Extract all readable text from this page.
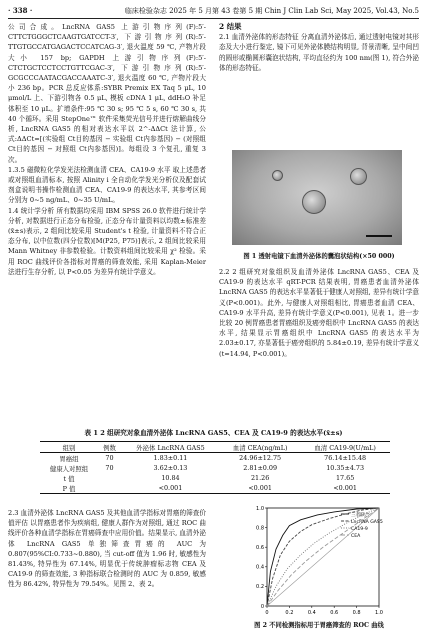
· 338 ·	临床检验杂志 2025 年 5 月第 43 卷第 5 期 Chin J Clin Lab Sci, May 2025, Vol.43, No.5

公司合成。LncRNA GAS5 上游引物序列(F):5′-CTTCTGGGCTCAAGTGATCCT-3′, 下游引物序列(R):5′-TTGTGCCATGAGACTCCATCAG-3′, 退火温度 59 ℃, 产物片段大小 157 bp; GAPDH 上游引物序列(F):5′-CTCTGCTCCTCCTGTTCGAC-3′, 下游引物序列(R):5′-GCGCCCAATACGACCAAATC-3′, 退火温度 60 ℃, 产物片段大小 236 bp。PCR 总反应体系:SYBR Premix EX Taq 5 μL, 10 μmol/L 上、下游引物各 0.5 μL, 模板 cDNA 1 μL, ddH₂O 补足体积至 10 μL。扩增条件:95 ℃ 30 s; 95 ℃ 5 s, 60 ℃ 30 s, 共 40 个循环。采用 StepOne™ 软件采集荧光信号并进行熔解曲线分析, LncRNA GAS5 的相对表达水平以 2^-ΔΔCt 法计算, 公式:ΔΔCt=[(实验组 Ct目的基因 − 实验组 Ct内参基因) − (对照组 Ct目的基因 − 对照组 Ct内参基因)]。每组设 3 个复孔, 重复 3 次。

1.3.5 磁微粒化学发光法检测血清 CEA、CA19-9 水平 取上述患者或对照组血清标本, 按照 Alinity i 全自动化学发光分析仪及配套试剂盒说明书操作检测血清 CEA、CA19-9 的表达水平, 其参考区间分别为 0~5 ng/mL、0~35 U/mL。

1.4 统计学分析 所有数据均采用 IBM SPSS 26.0 软件进行统计学分析, 对数据进行正态分布检验, 正态分布计量资料以均数±标准差(x̄±s)表示, 2 组间比较采用 Student's t 检验, 计量资料不符合正态分布, 以中位数(四分位数)[M(P25, P75)]表示, 2 组间比较采用 Mann Whitney 非参数检验。计数资料组间比较采用 χ² 检验。采用 ROC 曲线评价各指标对胃癌的筛查效能, 采用 Kaplan-Meier 法进行生存分析, 以 P<0.05 为差异有统计学意义。

2 结果

2.1 血清外泌体的形态特征 分离血清外泌体后, 通过透射电镜对其形态及大小进行鉴定, 镜下可见外泌体膜结构明显, 背景清晰, 呈中间凹的圆形或椭圆形囊泡状结构, 平均直径约为 100 nm(图 1), 符合外泌体的形态特征。

图 1 透射电镜下血清外泌体的囊泡状结构(×50 000)

2.2 2 组研究对象组织及血清外泌体 LncRNA GAS5、CEA 及 CA19-9 的表达水平 qRT-PCR 结果表明, 胃癌患者血清外泌体 LncRNA GAS5 的表达水平显著低于健康人对照组, 差异有统计学意义(P<0.001)。此外, 与健康人对照组相比, 胃癌患者血清 CEA、CA19-9 水平升高, 差异有统计学意义(P<0.001), 见表 1。进一步比较 20 例胃癌患者胃癌组织及癌旁组织中 LncRNA GAS5 的表达水平, 结果显示胃癌组织中 LncRNA GAS5 的表达水平为 2.03±0.17, 亦显著低于癌旁组织的 5.84±0.19, 差异有统计学意义(t=14.94, P<0.001)。

表 1 2 组研究对象血清外泌体 LncRNA GAS5、CEA 及 CA19-9 的表达水平(x̄±s)
组别	例数	外泌体 LncRNA GAS5	血清 CEA(ng/mL)	血清 CA19-9(U/mL)
胃癌组	70	1.83±0.11	24.96±12.75	76.14±15.48
健康人对照组	70	3.62±0.13	2.81±0.09	10.35±4.73
t 值		10.84	21.26	17.65
P 值		<0.001	<0.001	<0.001

2.3 血清外泌体 LncRNA GAS5 及其他血清学指标对胃癌的筛查价值评估 以胃癌患者作为疾病组, 健康人群作为对照组, 通过 ROC 曲线评价各种血清学指标在胃癌筛查中应用价值。结果显示, 血清外泌体 LncRNA GAS5 单独筛查胃癌的 AUC 为 0.807(95%CI:0.733~0.880), 当 cut-off 值为 1.96 时, 敏感性为 81.43%, 特异性为 67.14%, 明显优于传统肿瘤标志物 CEA 及 CA19-9 的筛查效能, 3 种指标联合检测时的 AUC 为 0.859, 敏感性为 86.42%, 特异性为 79.54%。见图 2、表 2。

0	0.2	0.4	0.6	0.8	1.0
0
0.2
0.4
0.6
0.8
1.0
三者联合
LncRNA GAS5
CA19-9
CEA
图 2 不同检测指标用于胃癌筛查的 ROC 曲线
